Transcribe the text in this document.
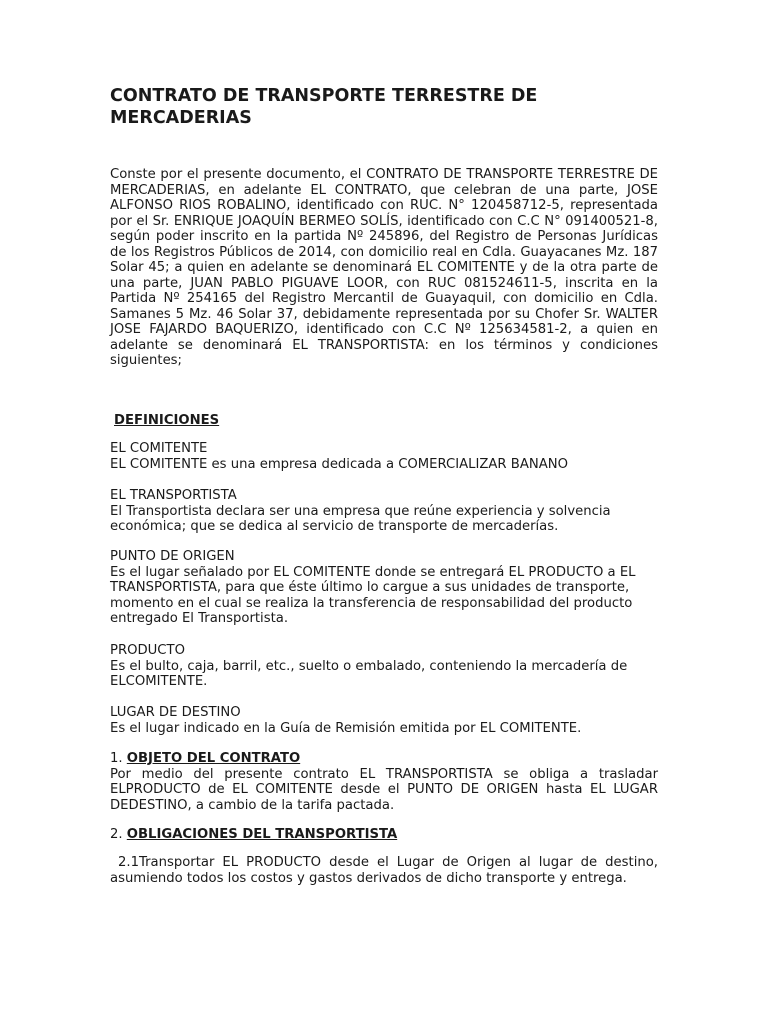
CONTRATO DE TRANSPORTE TERRESTRE DE MERCADERIAS

Conste por el presente documento, el CONTRATO DE TRANSPORTE TERRESTRE DE MERCADERIAS, en adelante EL CONTRATO, que celebran de una parte, JOSE ALFONSO RIOS ROBALINO, identificado con RUC. N° 120458712-5, representada por el Sr. ENRIQUE JOAQUÍN BERMEO SOLÍS, identificado con C.C N° 091400521-8, según poder inscrito en la partida Nº 245896, del Registro de Personas Jurídicas de los Registros Públicos de 2014, con domicilio real en Cdla. Guayacanes Mz. 187 Solar 45; a quien en adelante se denominará EL COMITENTE y de la otra parte de una parte, JUAN PABLO PIGUAVE LOOR, con RUC 081524611-5, inscrita en la Partida Nº 254165 del Registro Mercantil de Guayaquil, con domicilio en Cdla. Samanes 5 Mz. 46 Solar 37, debidamente representada por su Chofer Sr. WALTER JOSE FAJARDO BAQUERIZO, identificado con C.C Nº 125634581-2, a quien en adelante se denominará EL TRANSPORTISTA: en los términos y condiciones siguientes;

DEFINICIONES
EL COMITENTE
EL COMITENTE es una empresa dedicada a COMERCIALIZAR BANANO
EL TRANSPORTISTA
El Transportista declara ser una empresa que reúne experiencia y solvencia económica; que se dedica al servicio de transporte de mercaderías.
PUNTO DE ORIGEN
Es el lugar señalado por EL COMITENTE donde se entregará EL PRODUCTO a EL TRANSPORTISTA, para que éste último lo cargue a sus unidades de transporte, momento en el cual se realiza la transferencia de responsabilidad del producto entregado El Transportista.
PRODUCTO
Es el bulto, caja, barril, etc., suelto o embalado, conteniendo la mercadería de ELCOMITENTE.
LUGAR DE DESTINO
Es el lugar indicado en la Guía de Remisión emitida por EL COMITENTE.
1. OBJETO DEL CONTRATO
Por medio del presente contrato EL TRANSPORTISTA se obliga a trasladar ELPRODUCTO de EL COMITENTE desde el PUNTO DE ORIGEN hasta EL LUGAR DEDESTINO, a cambio de la tarifa pactada.
2. OBLIGACIONES DEL TRANSPORTISTA
2.1Transportar EL PRODUCTO desde el Lugar de Origen al lugar de destino, asumiendo todos los costos y gastos derivados de dicho transporte y entrega.
